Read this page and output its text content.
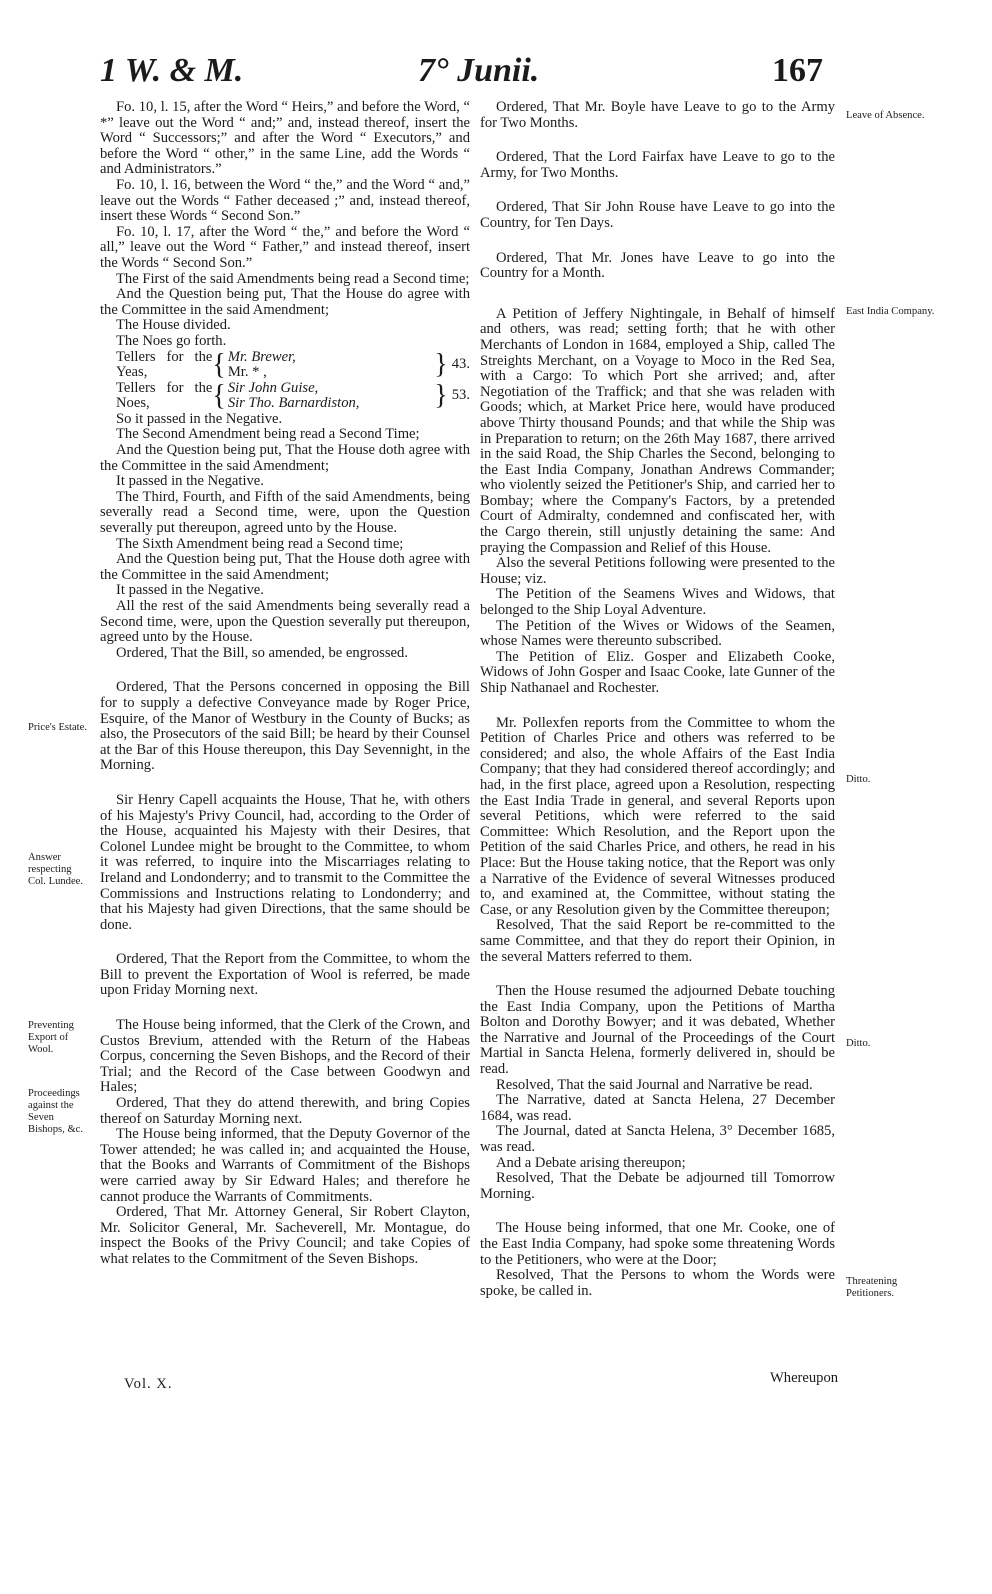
1 W. & M.	7° Junii.	167

Fo. 10, l. 15, after the Word “ Heirs,” and before the Word, “ *” leave out the Word “ and;” and, instead thereof, insert the Word “ Successors;” and after the Word “ Executors,” and before the Word “ other,” in the same Line, add the Words “ and Administrators.”

Fo. 10, l. 16, between the Word “ the,” and the Word “ and,” leave out the Words “ Father deceased ;” and, instead thereof, insert these Words “ Second Son.”

Fo. 10, l. 17, after the Word “ the,” and before the Word “ all,” leave out the Word “ Father,” and instead thereof, insert the Words “ Second Son.”

The First of the said Amendments being read a Second time;

And the Question being put, That the House do agree with the Committee in the said Amendment;

The House divided.

The Noes go forth.

Tellers for the Yeas,	{ Mr. Brewer,
Mr. * ,	} 43.
Tellers for the Noes,	{ Sir John Guise,
Sir Tho. Barnardiston,	} 53.

So it passed in the Negative.

The Second Amendment being read a Second Time;

And the Question being put, That the House doth agree with the Committee in the said Amendment;

It passed in the Negative.

The Third, Fourth, and Fifth of the said Amendments, being severally read a Second time, were, upon the Question severally put thereupon, agreed unto by the House.

The Sixth Amendment being read a Second time;

And the Question being put, That the House doth agree with the Committee in the said Amendment;

It passed in the Negative.

All the rest of the said Amendments being severally read a Second time, were, upon the Question severally put thereupon, agreed unto by the House.

Ordered, That the Bill, so amended, be engrossed.

Ordered, That the Persons concerned in opposing the Bill for to supply a defective Conveyance made by Roger Price, Esquire, of the Manor of Westbury in the County of Bucks; as also, the Prosecutors of the said Bill; be heard by their Counsel at the Bar of this House thereupon, this Day Sevennight, in the Morning.

Sir Henry Capell acquaints the House, That he, with others of his Majesty's Privy Council, had, according to the Order of the House, acquainted his Majesty with their Desires, that Colonel Lundee might be brought to the Committee, to whom it was referred, to inquire into the Miscarriages relating to Ireland and Londonderry; and to transmit to the Committee the Commissions and Instructions relating to Londonderry; and that his Majesty had given Directions, that the same should be done.

Ordered, That the Report from the Committee, to whom the Bill to prevent the Exportation of Wool is referred, be made upon Friday Morning next.

The House being informed, that the Clerk of the Crown, and Custos Brevium, attended with the Return of the Habeas Corpus, concerning the Seven Bishops, and the Record of their Trial; and the Record of the Case between Goodwyn and Hales;

Ordered, That they do attend therewith, and bring Copies thereof on Saturday Morning next.

The House being informed, that the Deputy Governor of the Tower attended; he was called in; and acquainted the House, that the Books and Warrants of Commitment of the Bishops were carried away by Sir Edward Hales; and therefore he cannot produce the Warrants of Commitments.

Ordered, That Mr. Attorney General, Sir Robert Clayton, Mr. Solicitor General, Mr. Sacheverell, Mr. Montague, do inspect the Books of the Privy Council; and take Copies of what relates to the Commitment of the Seven Bishops.

Ordered, That Mr. Boyle have Leave to go to the Army for Two Months.

Ordered, That the Lord Fairfax have Leave to go to the Army, for Two Months.

Ordered, That Sir John Rouse have Leave to go into the Country, for Ten Days.

Ordered, That Mr. Jones have Leave to go into the Country for a Month.

A Petition of Jeffery Nightingale, in Behalf of himself and others, was read; setting forth; that he with other Merchants of London in 1684, employed a Ship, called The Streights Merchant, on a Voyage to Moco in the Red Sea, with a Cargo: To which Port she arrived; and, after Negotiation of the Traffick; and that she was reladen with Goods; which, at Market Price here, would have produced above Thirty thousand Pounds; and that while the Ship was in Preparation to return; on the 26th May 1687, there arrived in the said Road, the Ship Charles the Second, belonging to the East India Company, Jonathan Andrews Commander; who violently seized the Petitioner's Ship, and carried her to Bombay; where the Company's Factors, by a pretended Court of Admiralty, condemned and confiscated her, with the Cargo therein, still unjustly detaining the same: And praying the Compassion and Relief of this House.

Also the several Petitions following were presented to the House; viz.

The Petition of the Seamens Wives and Widows, that belonged to the Ship Loyal Adventure.

The Petition of the Wives or Widows of the Seamen, whose Names were thereunto subscribed.

The Petition of Eliz. Gosper and Elizabeth Cooke, Widows of John Gosper and Isaac Cooke, late Gunner of the Ship Nathanael and Rochester.

Mr. Pollexfen reports from the Committee to whom the Petition of Charles Price and others was referred to be considered; and also, the whole Affairs of the East India Company; that they had considered thereof accordingly; and had, in the first place, agreed upon a Resolution, respecting the East India Trade in general, and several Reports upon several Petitions, which were referred to the said Committee: Which Resolution, and the Report upon the Petition of the said Charles Price, and others, he read in his Place: But the House taking notice, that the Report was only a Narrative of the Evidence of several Witnesses produced to, and examined at, the Committee, without stating the Case, or any Resolution given by the Committee thereupon;

Resolved, That the said Report be re-committed to the same Committee, and that they do report their Opinion, in the several Matters referred to them.

Then the House resumed the adjourned Debate touching the East India Company, upon the Petitions of Martha Bolton and Dorothy Bowyer; and it was debated, Whether the Narrative and Journal of the Proceedings of the Court Martial in Sancta Helena, formerly delivered in, should be read.

Resolved, That the said Journal and Narrative be read.

The Narrative, dated at Sancta Helena, 27 December 1684, was read.

The Journal, dated at Sancta Helena, 3° December 1685, was read.

And a Debate arising thereupon;

Resolved, That the Debate be adjourned till Tomorrow Morning.

The House being informed, that one Mr. Cooke, one of the East India Company, had spoke some threatening Words to the Petitioners, who were at the Door;

Resolved, That the Persons to whom the Words were spoke, be called in.

Price's Estate.
Answer respecting Col. Lundee.
Preventing Export of Wool.
Proceedings against the Seven Bishops, &c.
Leave of Absence.
East India Company.
Ditto.
Ditto.
Threatening Petitioners.
Vol. X.	Whereupon
